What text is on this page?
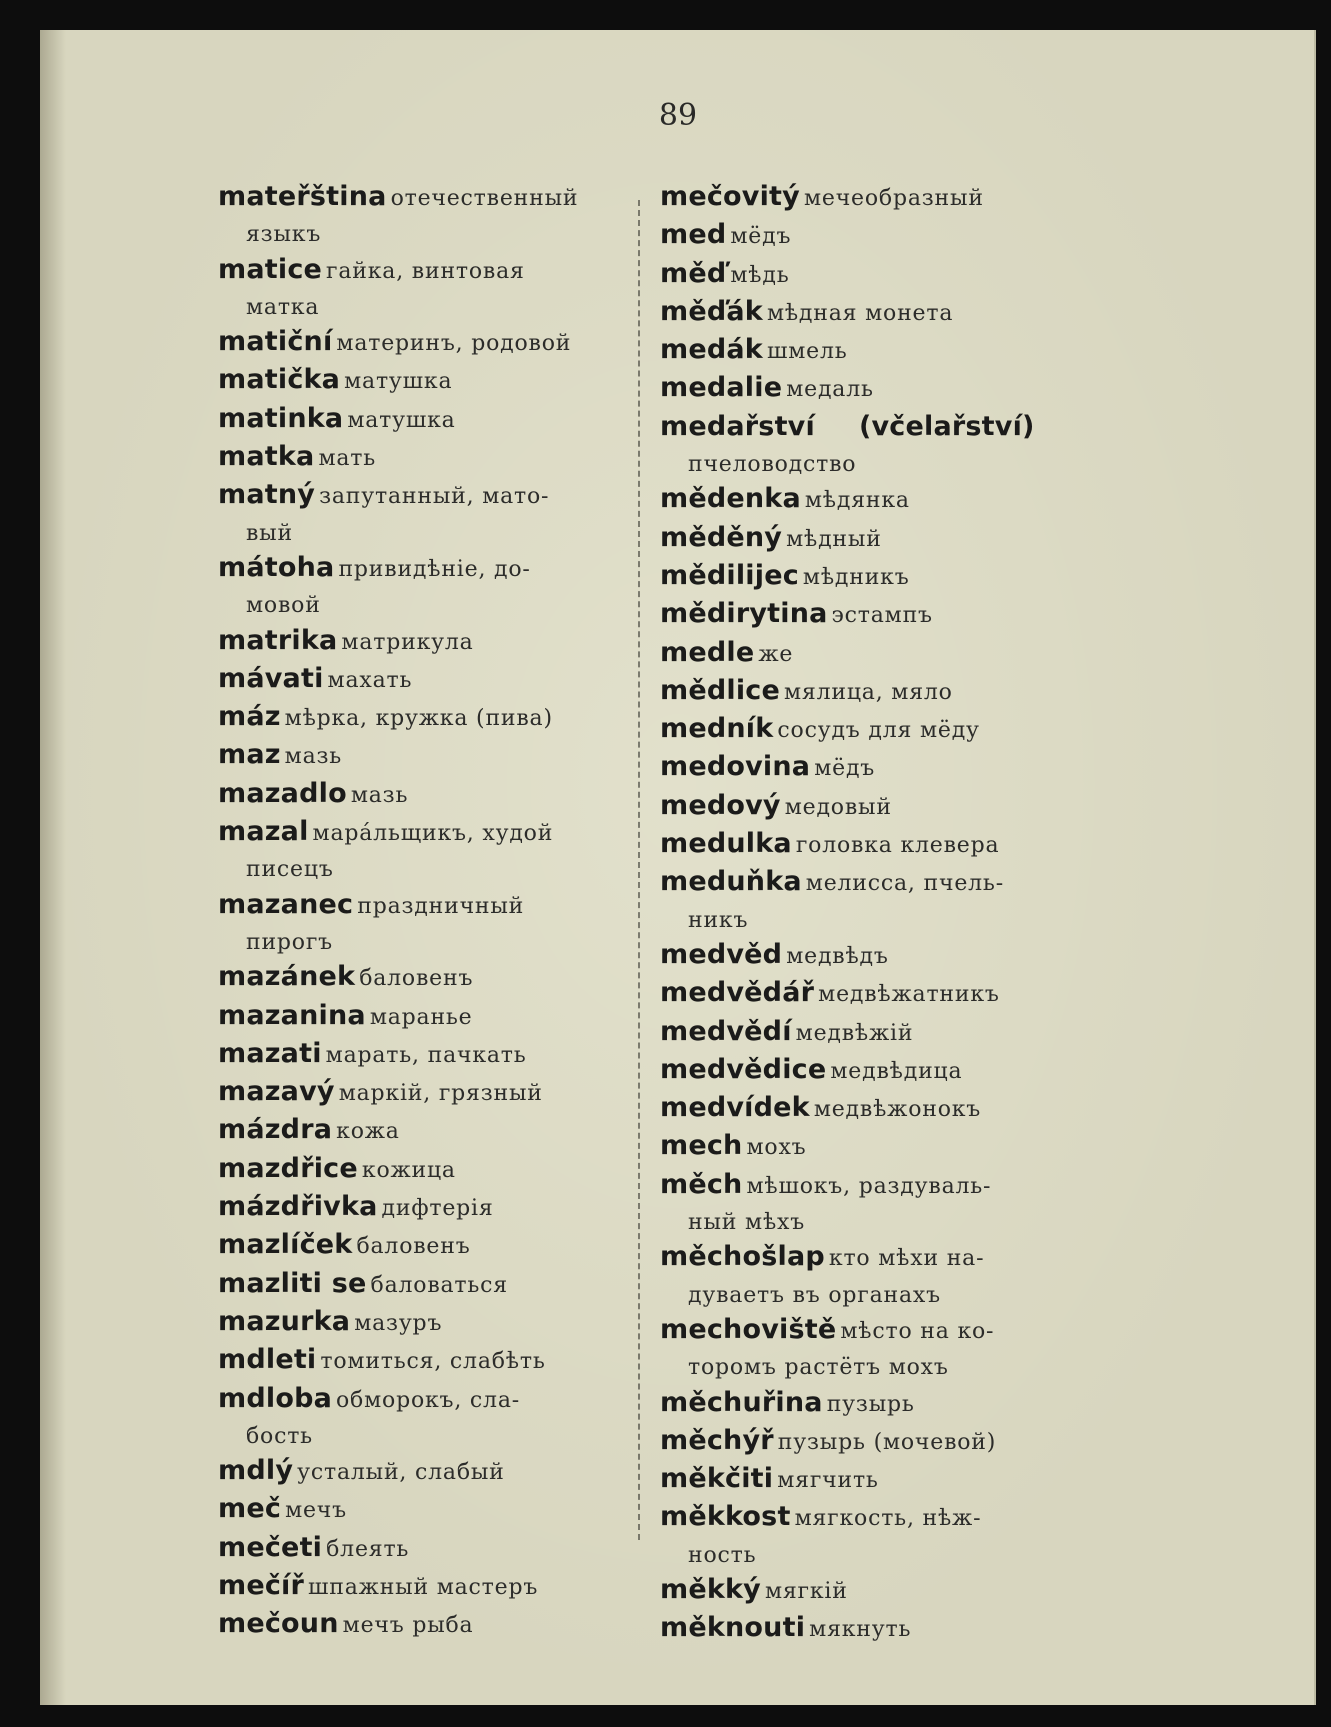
89
mateřština отечественный
языкъ
matice гайка, винтовая
матка
matiční материнъ, родовой
matička матушка
matinka матушка
matka мать
matný запутанный, мато-
вый
mátoha привидѣніе, до-
мовой
matrika матрикула
mávati махать
máz мѣрка, кружка (пива)
maz мазь
mazadlo мазь
mazal марáльщикъ, худой
писецъ
mazanec праздничный
пирогъ
mazánek баловенъ
mazanina маранье
mazati марать, пачкать
mazavý маркій, грязный
mázdra кожа
mazdřice кожица
mázdřivka дифтерія
mazlíček баловенъ
mazliti se баловаться
mazurka мазуръ
mdleti томиться, слабѣть
mdloba обморокъ, сла-
бость
mdlý усталый, слабый
meč мечъ
mečeti блеять
mečíř шпажный мастеръ
mečoun мечъ рыба
mečovitý мечеобразный
med мёдъ
měď мѣдь
měďák мѣдная монета
medák шмель
medalie медаль
medařství (včelařství)
пчеловодство
mědenka мѣдянка
měděný мѣдный
mědilijec мѣдникъ
mědirytina эстампъ
medle же
mědlice мялица, мяло
medník сосудъ для мёду
medovina мёдъ
medový медовый
medulka головка клевера
meduňka мелисса, пчель-
никъ
medvěd медвѣдъ
medvědář медвѣжатникъ
medvědí медвѣжій
medvědice медвѣдица
medvídek медвѣжонокъ
mech мохъ
měch мѣшокъ, раздуваль-
ный мѣхъ
měchošlap кто мѣхи на-
дуваетъ въ органахъ
mechoviště мѣсто на ко-
торомъ растётъ мохъ
měchuřina пузырь
měchýř пузырь (мочевой)
měkčiti мягчить
měkkost мягкость, нѣж-
ность
měkký мягкій
měknouti мякнуть
